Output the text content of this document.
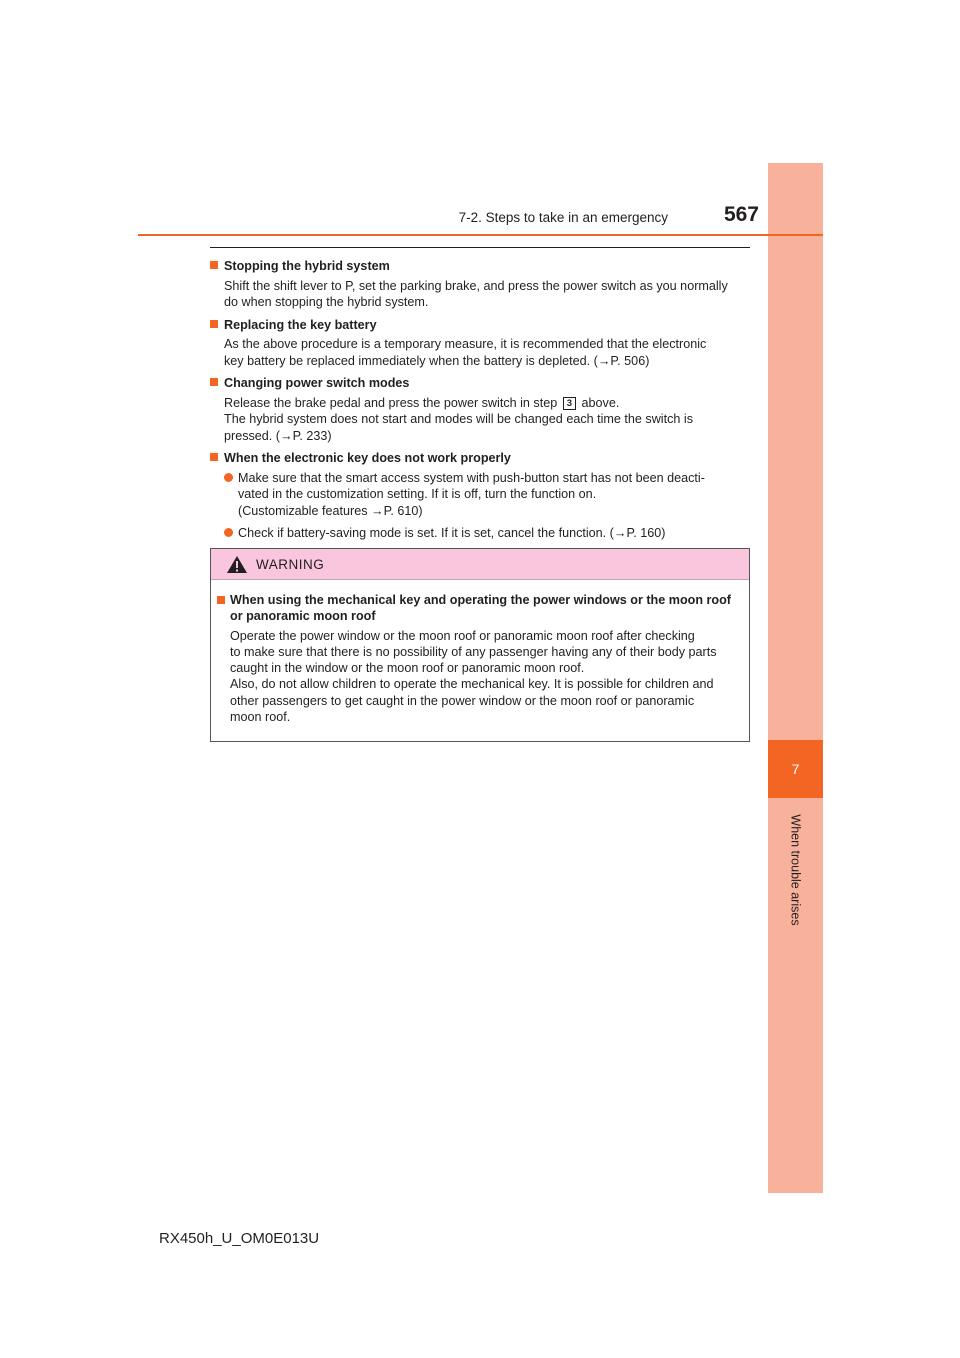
7
When trouble arises
7-2. Steps to take in an emergency	567
Stopping the hybrid system
Shift the shift lever to P, set the parking brake, and press the power switch as you normally
do when stopping the hybrid system.
Replacing the key battery
As the above procedure is a temporary measure, it is recommended that the electronic
key battery be replaced immediately when the battery is depleted. (→P. 506)
Changing power switch modes
Release the brake pedal and press the power switch in step 3 above.
The hybrid system does not start and modes will be changed each time the switch is
pressed. (→P. 233)
When the electronic key does not work properly
Make sure that the smart access system with push-button start has not been deacti-
vated in the customization setting. If it is off, turn the function on.
(Customizable features →P. 610)
Check if battery-saving mode is set. If it is set, cancel the function. (→P. 160)
WARNING
When using the mechanical key and operating the power windows or the moon roof
or panoramic moon roof
Operate the power window or the moon roof or panoramic moon roof after checking
to make sure that there is no possibility of any passenger having any of their body parts
caught in the window or the moon roof or panoramic moon roof.
Also, do not allow children to operate the mechanical key. It is possible for children and
other passengers to get caught in the power window or the moon roof or panoramic
moon roof.
RX450h_U_OM0E013U
